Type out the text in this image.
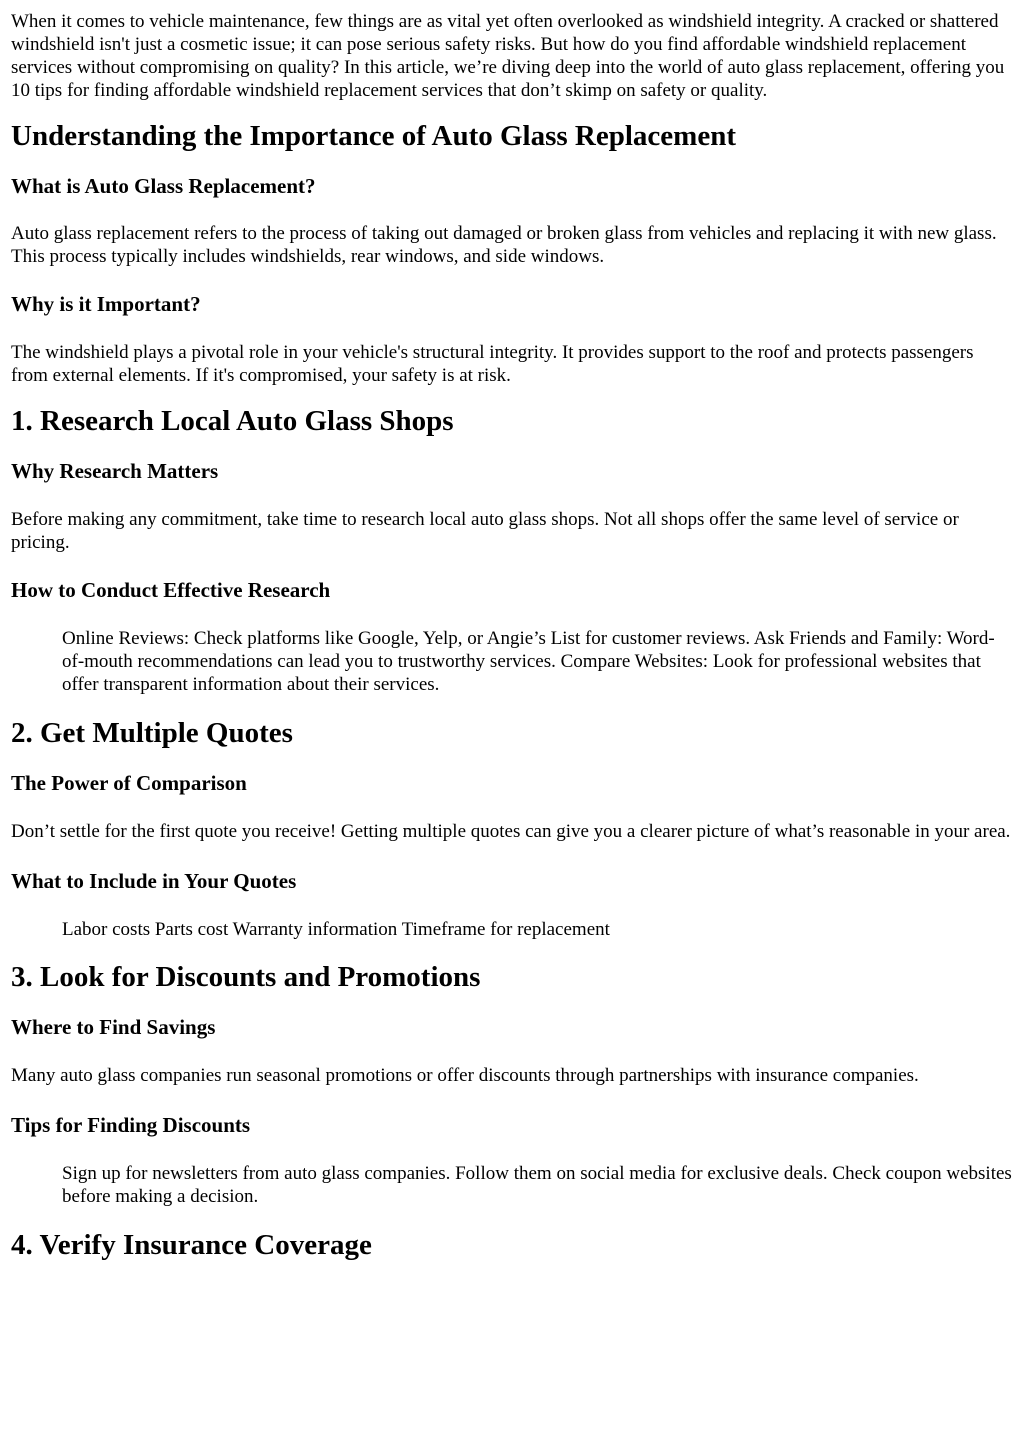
When it comes to vehicle maintenance, few things are as vital yet often overlooked as windshield integrity. A cracked or shattered windshield isn't just a cosmetic issue; it can pose serious safety risks. But how do you find affordable windshield replacement services without compromising on quality? In this article, we’re diving deep into the world of auto glass replacement, offering you 10 tips for finding affordable windshield replacement services that don’t skimp on safety or quality.

Understanding the Importance of Auto Glass Replacement
What is Auto Glass Replacement?

Auto glass replacement refers to the process of taking out damaged or broken glass from vehicles and replacing it with new glass. This process typically includes windshields, rear windows, and side windows.

Why is it Important?

The windshield plays a pivotal role in your vehicle's structural integrity. It provides support to the roof and protects passengers from external elements. If it's compromised, your safety is at risk.

1. Research Local Auto Glass Shops
Why Research Matters

Before making any commitment, take time to research local auto glass shops. Not all shops offer the same level of service or pricing.

How to Conduct Effective Research

Online Reviews: Check platforms like Google, Yelp, or Angie’s List for customer reviews. Ask Friends and Family: Word-of-mouth recommendations can lead you to trustworthy services. Compare Websites: Look for professional websites that offer transparent information about their services.

2. Get Multiple Quotes
The Power of Comparison

Don’t settle for the first quote you receive! Getting multiple quotes can give you a clearer picture of what’s reasonable in your area.

What to Include in Your Quotes

Labor costs Parts cost Warranty information Timeframe for replacement

3. Look for Discounts and Promotions
Where to Find Savings

Many auto glass companies run seasonal promotions or offer discounts through partnerships with insurance companies.

Tips for Finding Discounts

Sign up for newsletters from auto glass companies. Follow them on social media for exclusive deals. Check coupon websites before making a decision.

4. Verify Insurance Coverage
